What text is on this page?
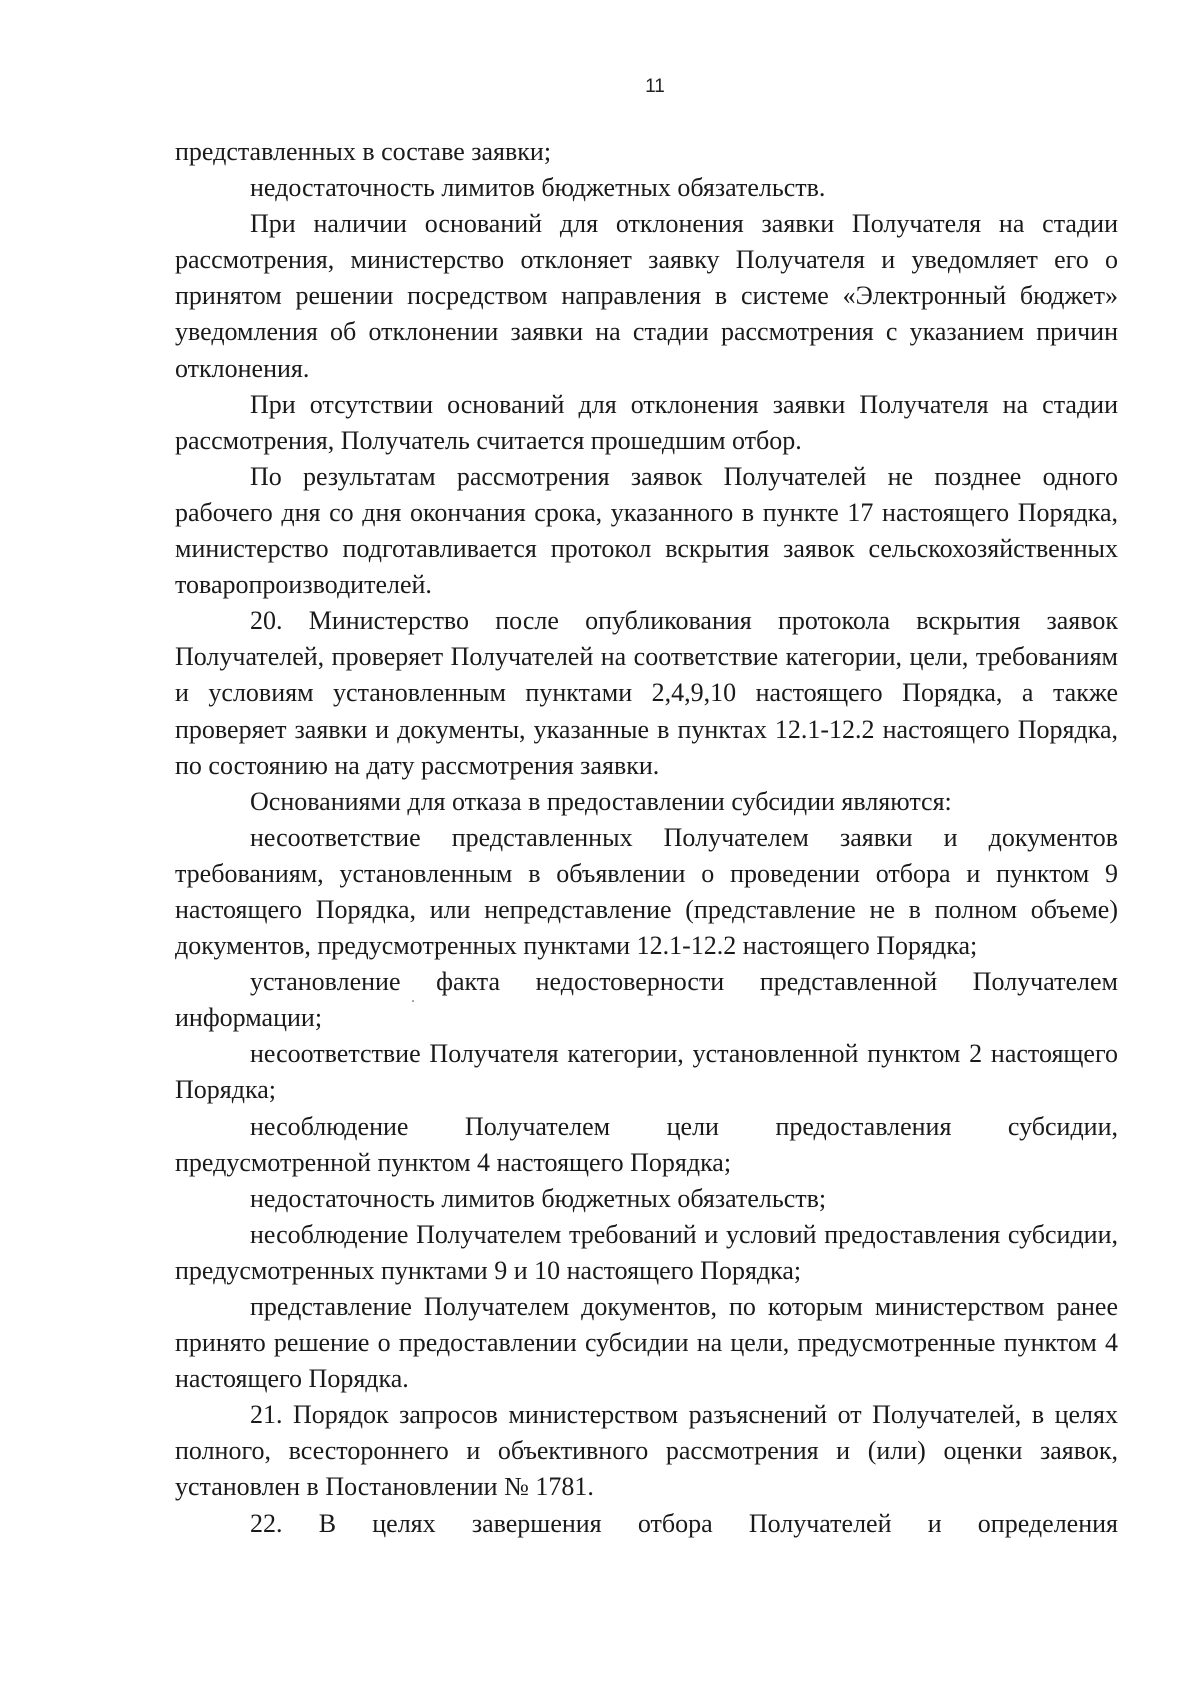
11

представленных в составе заявки;

недостаточность лимитов бюджетных обязательств.

При наличии оснований для отклонения заявки Получателя на стадии рассмотрения, министерство отклоняет заявку Получателя и уведомляет его о принятом решении посредством направления в системе «Электронный бюджет» уведомления об отклонении заявки на стадии рассмотрения с указанием причин отклонения.

При отсутствии оснований для отклонения заявки Получателя на стадии рассмотрения, Получатель считается прошедшим отбор.

По результатам рассмотрения заявок Получателей не позднее одного рабочего дня со дня окончания срока, указанного в пункте 17 настоящего Порядка, министерство подготавливается протокол вскрытия заявок сельскохозяйственных товаропроизводителей.

20. Министерство после опубликования протокола вскрытия заявок Получателей, проверяет Получателей на соответствие категории, цели, требованиям и условиям установленным пунктами 2,4,9,10 настоящего Порядка, а также проверяет заявки и документы, указанные в пунктах 12.1-12.2 настоящего Порядка, по состоянию на дату рассмотрения заявки.

Основаниями для отказа в предоставлении субсидии являются:

несоответствие представленных Получателем заявки и документов требованиям, установленным в объявлении о проведении отбора и пунктом 9 настоящего Порядка, или непредставление (представление не в полном объеме) документов, предусмотренных пунктами 12.1-12.2 настоящего Порядка;

установление факта недостоверности представленной Получателем информации;

несоответствие Получателя категории, установленной пунктом 2 настоящего Порядка;

несоблюдение Получателем цели предоставления субсидии, предусмотренной пунктом 4 настоящего Порядка;

недостаточность лимитов бюджетных обязательств;

несоблюдение Получателем требований и условий предоставления субсидии, предусмотренных пунктами 9 и 10 настоящего Порядка;

представление Получателем документов, по которым министерством ранее принято решение о предоставлении субсидии на цели, предусмотренные пунктом 4 настоящего Порядка.

21. Порядок запросов министерством разъяснений от Получателей, в целях полного, всестороннего и объективного рассмотрения и (или) оценки заявок, установлен в Постановлении № 1781.

22. В целях завершения отбора Получателей и определения
